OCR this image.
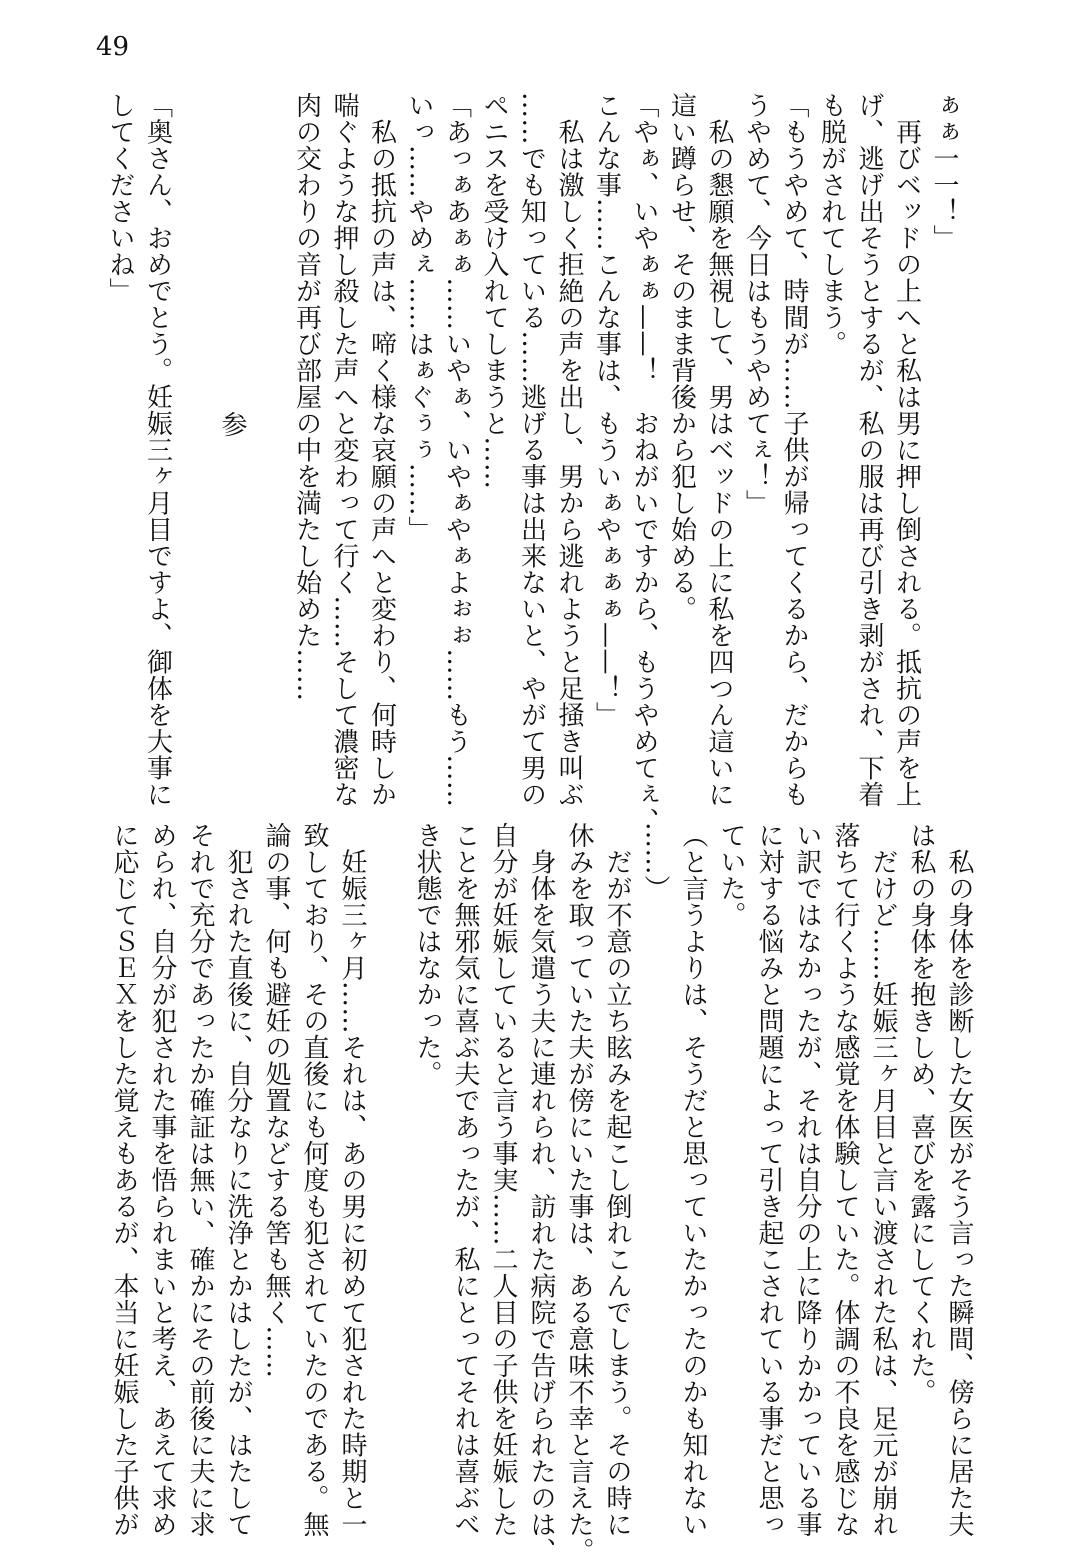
49
ぁぁ一一！」
　再びベッドの上へと私は男に押し倒される。抵抗の声を上
げ、逃げ出そうとするが、私の服は再び引き剥がされ、下着
も脱がされてしまう。
「もうやめて、時間が……子供が帰ってくるから、だからも
うやめて、今日はもうやめてぇ！」
　私の懇願を無視して、男はベッドの上に私を四つん這いに
這い蹲らせ、そのまま背後から犯し始める。
「やぁ、いやぁぁ——！　おねがいですから、もうやめてぇ、
こんな事……こんな事は、もういぁやぁぁぁ——！」
　私は激しく拒絶の声を出し、男から逃れようと足掻き叫ぶ
……でも知っている……逃げる事は出来ないと、やがて男の
ペニスを受け入れてしまうと……
「あっぁあぁぁ……いやぁ、いやぁやぁよぉぉ……もう……
いっ……やめぇ……はぁぐぅぅ……」
　私の抵抗の声は、啼く様な哀願の声へと変わり、何時しか
喘ぐような押し殺した声へと変わって行く……そして濃密な
肉の交わりの音が再び部屋の中を満たし始めた……
参
「奥さん、おめでとう。妊娠三ヶ月目ですよ、御体を大事に
してくださいね」
　私の身体を診断した女医がそう言った瞬間、傍らに居た夫
は私の身体を抱きしめ、喜びを露にしてくれた。
　だけど……妊娠三ヶ月目と言い渡された私は、足元が崩れ
落ちて行くような感覚を体験していた。体調の不良を感じな
い訳ではなかったが、それは自分の上に降りかかっている事
に対する悩みと問題によって引き起こされている事だと思っ
ていた。
（と言うよりは、そうだと思っていたかったのかも知れない
……）
　だが不意の立ち眩みを起こし倒れこんでしまう。その時に
休みを取っていた夫が傍にいた事は、ある意味不幸と言えた。
　身体を気遣う夫に連れられ、訪れた病院で告げられたのは、
自分が妊娠していると言う事実……二人目の子供を妊娠した
ことを無邪気に喜ぶ夫であったが、私にとってそれは喜ぶべ
き状態ではなかった。
　妊娠三ヶ月……それは、あの男に初めて犯された時期と一
致しており、その直後にも何度も犯されていたのである。無
論の事、何も避妊の処置などする筈も無く……
　犯された直後に、自分なりに洗浄とかはしたが、はたして
それで充分であったか確証は無い、確かにその前後に夫に求
められ、自分が犯された事を悟られまいと考え、あえて求め
に応じてＳＥＸをした覚えもあるが、本当に妊娠した子供が
